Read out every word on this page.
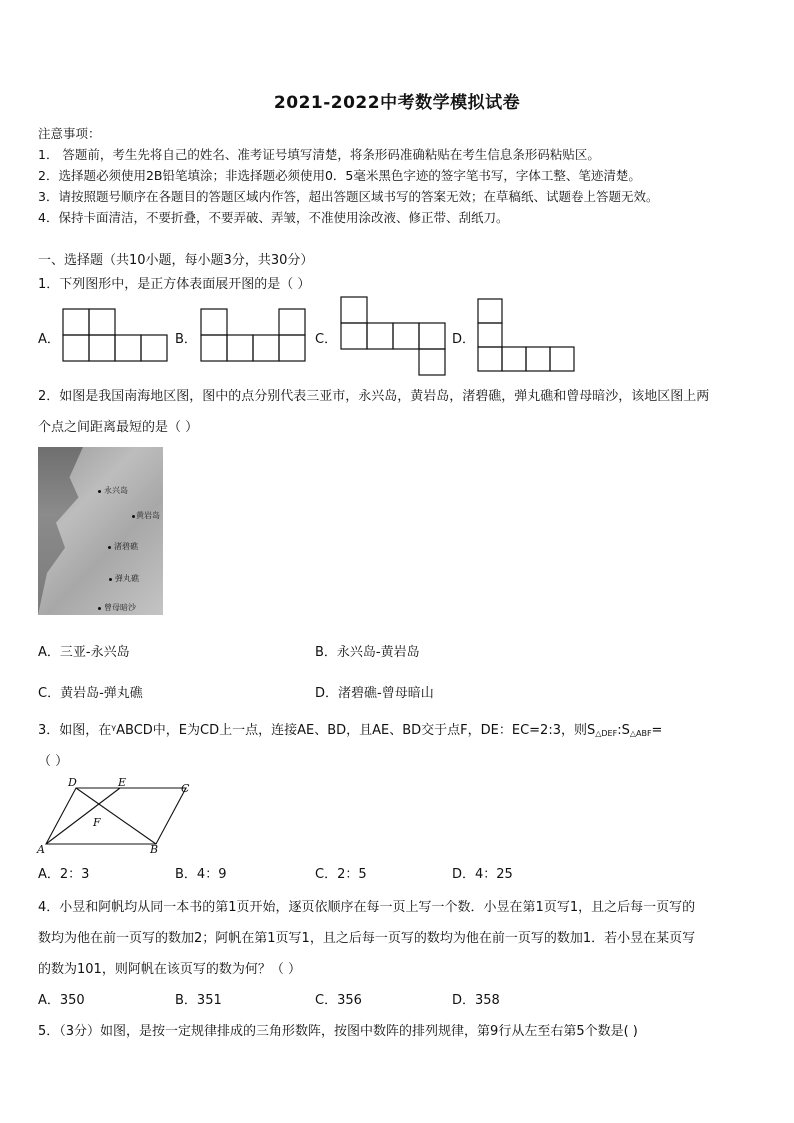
2021-2022中考数学模拟试卷
注意事项：
1． 答题前，考生先将自己的姓名、准考证号填写清楚，将条形码准确粘贴在考生信息条形码粘贴区。
2．选择题必须使用2B铅笔填涂；非选择题必须使用0．5毫米黑色字迹的签字笔书写，字体工整、笔迹清楚。
3．请按照题号顺序在各题目的答题区域内作答，超出答题区域书写的答案无效；在草稿纸、试题卷上答题无效。
4．保持卡面清洁，不要折叠，不要弄破、弄皱，不准使用涂改液、修正带、刮纸刀。
一、选择题（共10小题，每小题3分，共30分）
1．下列图形中，是正方体表面展开图的是（ ）
A．	B．	C．	D．
2．如图是我国南海地区图，图中的点分别代表三亚市，永兴岛，黄岩岛，渚碧礁，弹丸礁和曾母暗沙，该地区图上两
个点之间距离最短的是（ ）
永兴岛
黄岩岛
渚碧礁
弹丸礁
曾母暗沙
A．三亚-永兴岛	B．永兴岛-黄岩岛
C．黄岩岛-弹丸礁	D．渚碧礁-曾母暗山
3．如图，在ᵞABCD中，E为CD上一点，连接AE、BD，且AE、BD交于点F，DE：EC=2:3，则$S_{\triangle DEF}:S_{\triangle ABF}=$
（ ）
D	E	C
F
A	B
A．2：3	B．4：9	C．2：5	D．4：25
4．小昱和阿帆均从同一本书的第1页开始，逐页依顺序在每一页上写一个数．小昱在第1页写1，且之后每一页写的
数均为他在前一页写的数加2；阿帆在第1页写1，且之后每一页写的数均为他在前一页写的数加1．若小昱在某页写
的数为101，则阿帆在该页写的数为何？（ ）
A．350	B．351	C．356	D．358
5．（3分）如图，是按一定规律排成的三角形数阵，按图中数阵的排列规律，第9行从左至右第5个数是( )
